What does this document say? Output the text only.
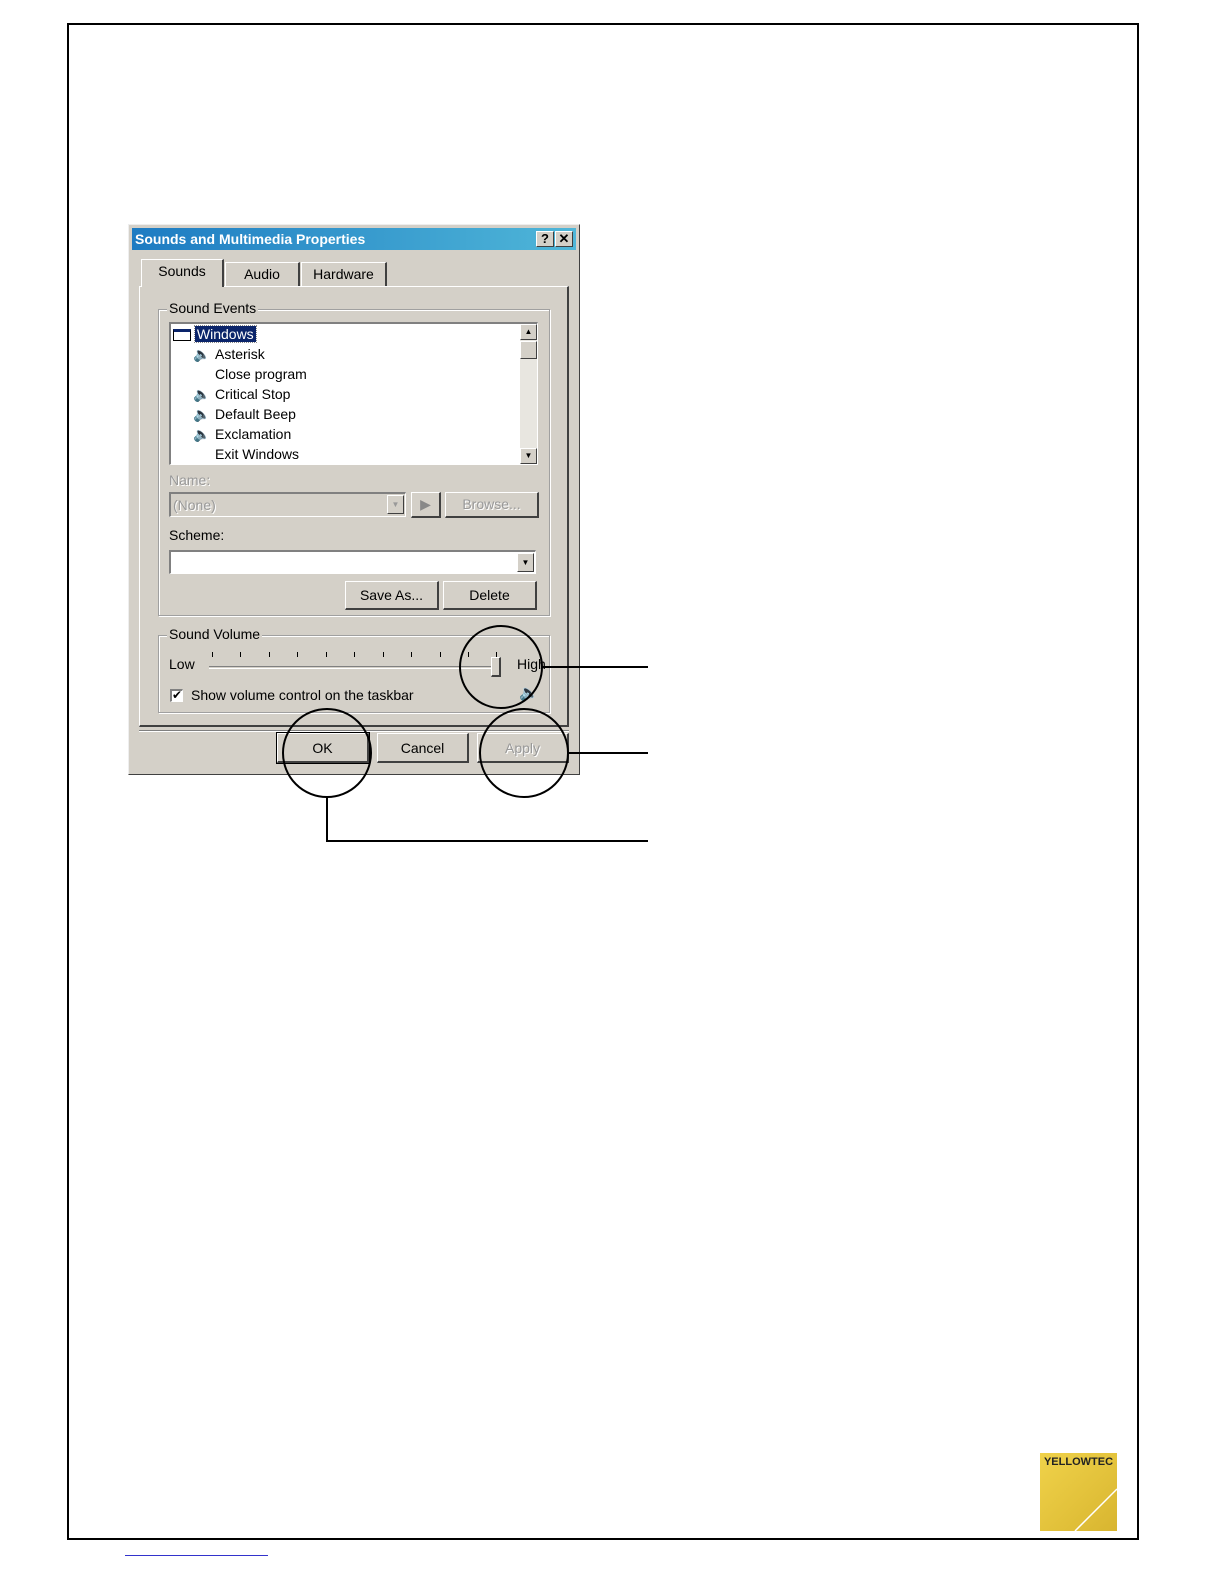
Sounds and Multimedia Properties	? ✕
Sounds	Audio	Hardware
Sound Events
Windows
🔈 Asterisk
Close program
🔈 Critical Stop
🔈 Default Beep
🔈 Exclamation
Exit Windows
▲
▼
Name:
(None)	▼	▶	Browse...
Scheme:
▼
Save As...	Delete
Sound Volume
Low	High
✔ Show volume control on the taskbar	🔈
OK	Cancel	Apply
YELLOWTEC
